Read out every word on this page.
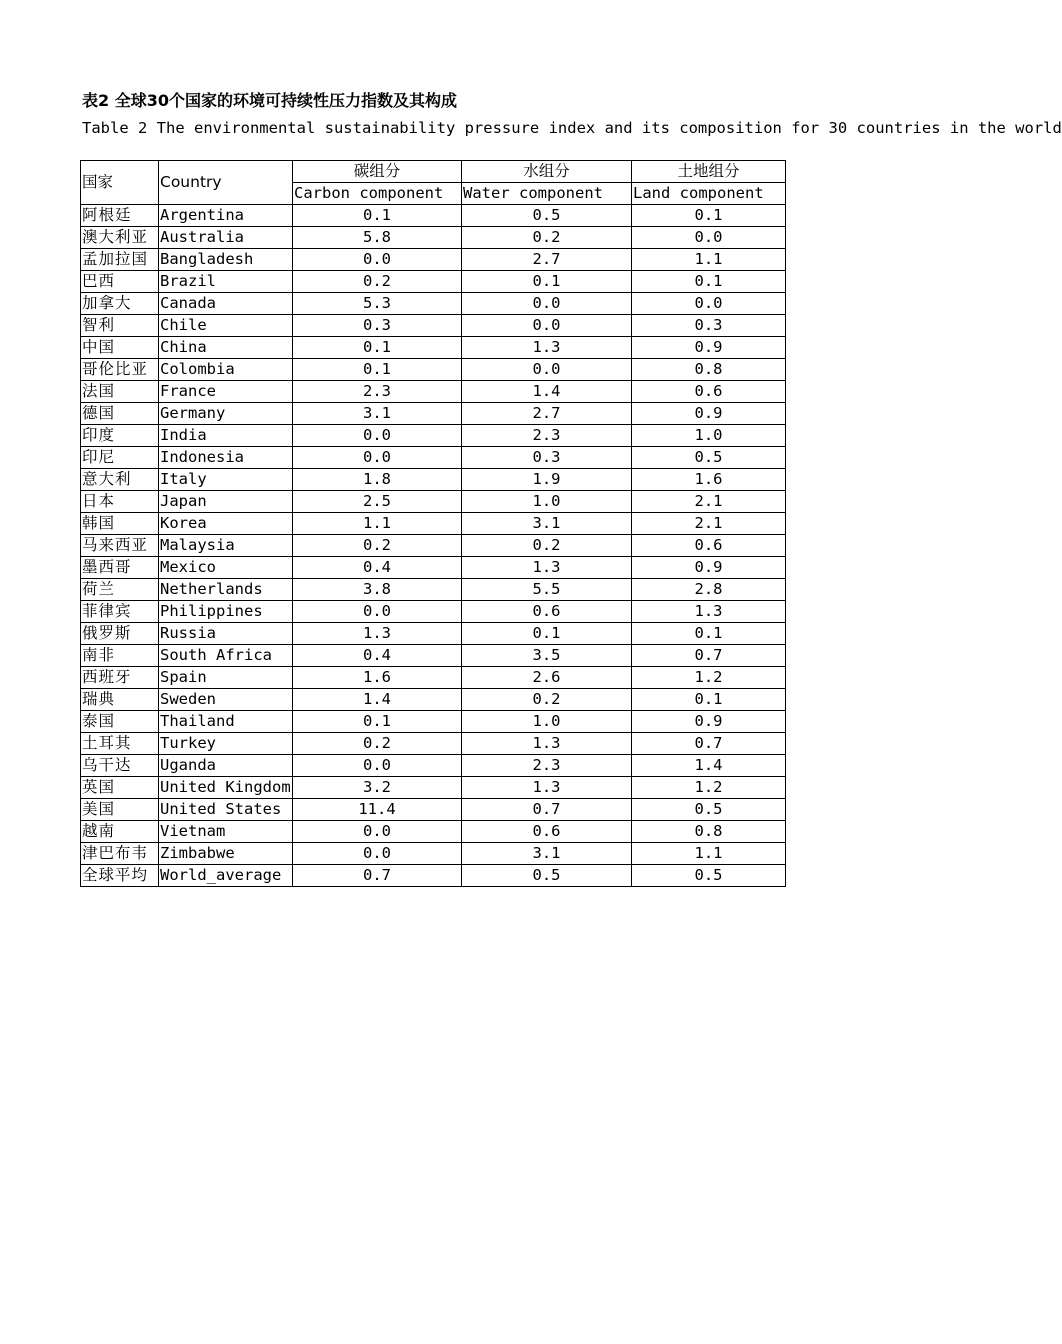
表2 全球30个国家的环境可持续性压力指数及其构成
Table 2 The environmental sustainability pressure index and its composition for 30 countries in the world
国家	Country	碳组分	水组分	土地组分
		Carbon component	Water component	Land component
阿根廷	Argentina	0.1	0.5	0.1
澳大利亚	Australia	5.8	0.2	0.0
孟加拉国	Bangladesh	0.0	2.7	1.1
巴西	Brazil	0.2	0.1	0.1
加拿大	Canada	5.3	0.0	0.0
智利	Chile	0.3	0.0	0.3
中国	China	0.1	1.3	0.9
哥伦比亚	Colombia	0.1	0.0	0.8
法国	France	2.3	1.4	0.6
德国	Germany	3.1	2.7	0.9
印度	India	0.0	2.3	1.0
印尼	Indonesia	0.0	0.3	0.5
意大利	Italy	1.8	1.9	1.6
日本	Japan	2.5	1.0	2.1
韩国	Korea	1.1	3.1	2.1
马来西亚	Malaysia	0.2	0.2	0.6
墨西哥	Mexico	0.4	1.3	0.9
荷兰	Netherlands	3.8	5.5	2.8
菲律宾	Philippines	0.0	0.6	1.3
俄罗斯	Russia	1.3	0.1	0.1
南非	South Africa	0.4	3.5	0.7
西班牙	Spain	1.6	2.6	1.2
瑞典	Sweden	1.4	0.2	0.1
泰国	Thailand	0.1	1.0	0.9
土耳其	Turkey	0.2	1.3	0.7
乌干达	Uganda	0.0	2.3	1.4
英国	United Kingdom	3.2	1.3	1.2
美国	United States	11.4	0.7	0.5
越南	Vietnam	0.0	0.6	0.8
津巴布韦	Zimbabwe	0.0	3.1	1.1
全球平均	World_average	0.7	0.5	0.5
